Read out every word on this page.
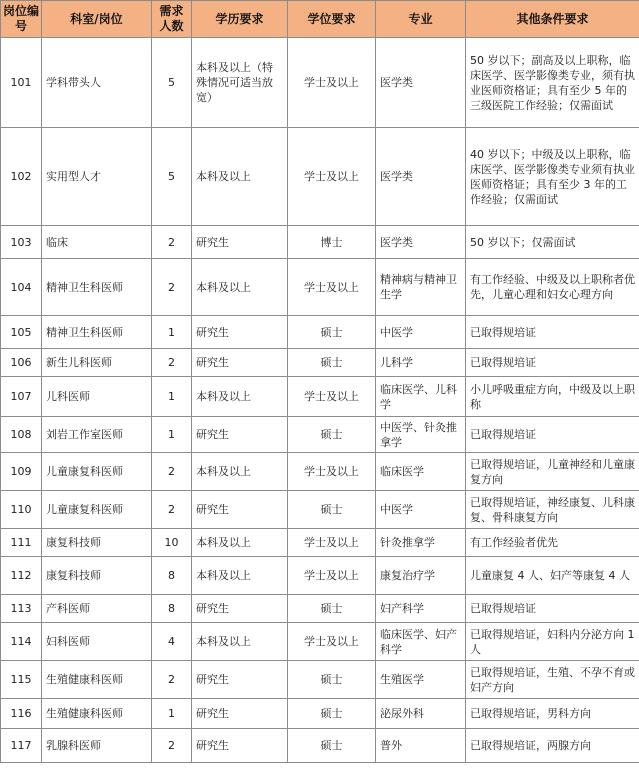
岗位编号	科室/岗位	需求人数	学历要求	学位要求	专业	其他条件要求
101	学科带头人	5	本科及以上（特殊情况可适当放宽）	学士及以上	医学类	50 岁以下；副高及以上职称，临床医学、医学影像类专业，须有执业医师资格证；具有至少 5 年的三级医院工作经验；仅需面试
102	实用型人才	5	本科及以上	学士及以上	医学类	40 岁以下；中级及以上职称，临床医学、医学影像类专业须有执业医师资格证；具有至少 3 年的工作经验；仅需面试
103	临床	2	研究生	博士	医学类	50 岁以下；仅需面试
104	精神卫生科医师	2	本科及以上	学士及以上	精神病与精神卫生学	有工作经验、中级及以上职称者优先，儿童心理和妇女心理方向
105	精神卫生科医师	1	研究生	硕士	中医学	已取得规培证
106	新生儿科医师	2	研究生	硕士	儿科学	已取得规培证
107	儿科医师	1	本科及以上	学士及以上	临床医学、儿科学	小儿呼吸重症方向，中级及以上职称
108	刘岩工作室医师	1	研究生	硕士	中医学、针灸推拿学	已取得规培证
109	儿童康复科医师	2	本科及以上	学士及以上	临床医学	已取得规培证，儿童神经和儿童康复方向
110	儿童康复科医师	2	研究生	硕士	中医学	已取得规培证，神经康复、儿科康复、骨科康复方向
111	康复科技师	10	本科及以上	学士及以上	针灸推拿学	有工作经验者优先
112	康复科技师	8	本科及以上	学士及以上	康复治疗学	儿童康复 4 人、妇产等康复 4 人
113	产科医师	8	研究生	硕士	妇产科学	已取得规培证
114	妇科医师	4	本科及以上	学士及以上	临床医学、妇产科学	已取得规培证，妇科内分泌方向 1 人
115	生殖健康科医师	2	研究生	硕士	生殖医学	已取得规培证，生殖、不孕不育或妇产方向
116	生殖健康科医师	1	研究生	硕士	泌尿外科	已取得规培证，男科方向
117	乳腺科医师	2	研究生	硕士	普外	已取得规培证，两腺方向
